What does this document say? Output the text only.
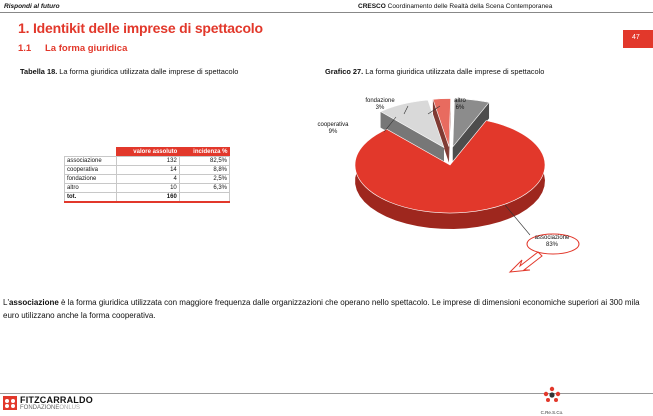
Rispondi al futuro	CRESCO Coordinamento delle Realtà della Scena Contemporanea
47
1. Identikit delle imprese di spettacolo
1.1 La forma giuridica
Tabella 18. La forma giuridica utilizzata dalle imprese di spettacolo	Grafico 27. La forma giuridica utilizzata dalle imprese di spettacolo
	valore assoluto	incidenza %
associazione	132	82,5%
cooperativa	14	8,8%
fondazione	4	2,5%
altro	10	6,3%
tot.	160	
fondazione
3%
altro
6%
cooperativa
9%
associazione
83%
L'associazione è la forma giuridica utilizzata con maggiore frequenza dalle organizzazioni che operano nello spettacolo. Le imprese di dimensioni economiche superiori ai 300 mila euro utilizzano anche la forma cooperativa.
FITZCARRALDO
FONDAZIONEONLUS
C.Re.S.Co.
